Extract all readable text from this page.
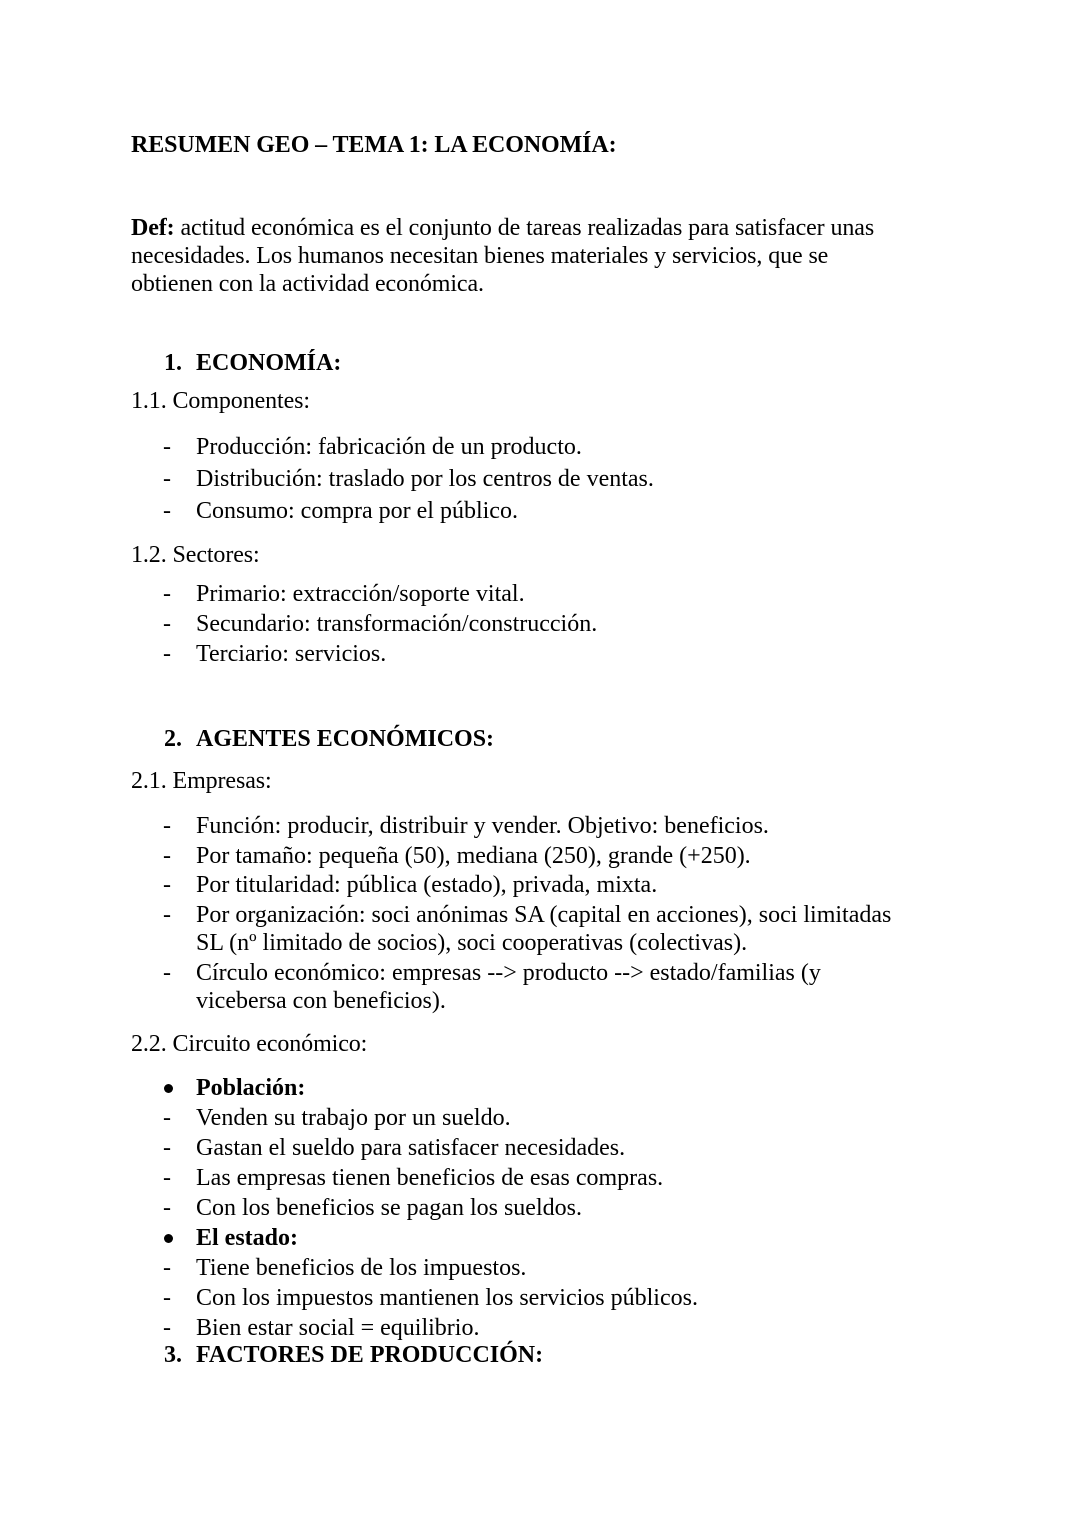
RESUMEN GEO – TEMA 1: LA ECONOMÍA:
Def: actitud económica es el conjunto de tareas realizadas para satisfacer unas
necesidades. Los humanos necesitan bienes materiales y servicios, que se
obtienen con la actividad económica.
1. ECONOMÍA:
1.1. Componentes:
- Producción: fabricación de un producto.
- Distribución: traslado por los centros de ventas.
- Consumo: compra por el público.
1.2. Sectores:
- Primario: extracción/soporte vital.
- Secundario: transformación/construcción.
- Terciario: servicios.
2. AGENTES ECONÓMICOS:
2.1. Empresas:
- Función: producir, distribuir y vender. Objetivo: beneficios.
- Por tamaño: pequeña (50), mediana (250), grande (+250).
- Por titularidad: pública (estado), privada, mixta.
- Por organización: soci anónimas SA (capital en acciones), soci limitadas
SL (nº limitado de socios), soci cooperativas (colectivas).
- Círculo económico: empresas --> producto --> estado/familias (y
vicebersa con beneficios).
2.2. Circuito económico:
Población:
- Venden su trabajo por un sueldo.
- Gastan el sueldo para satisfacer necesidades.
- Las empresas tienen beneficios de esas compras.
- Con los beneficios se pagan los sueldos.
El estado:
- Tiene beneficios de los impuestos.
- Con los impuestos mantienen los servicios públicos.
- Bien estar social = equilibrio.
3. FACTORES DE PRODUCCIÓN:
